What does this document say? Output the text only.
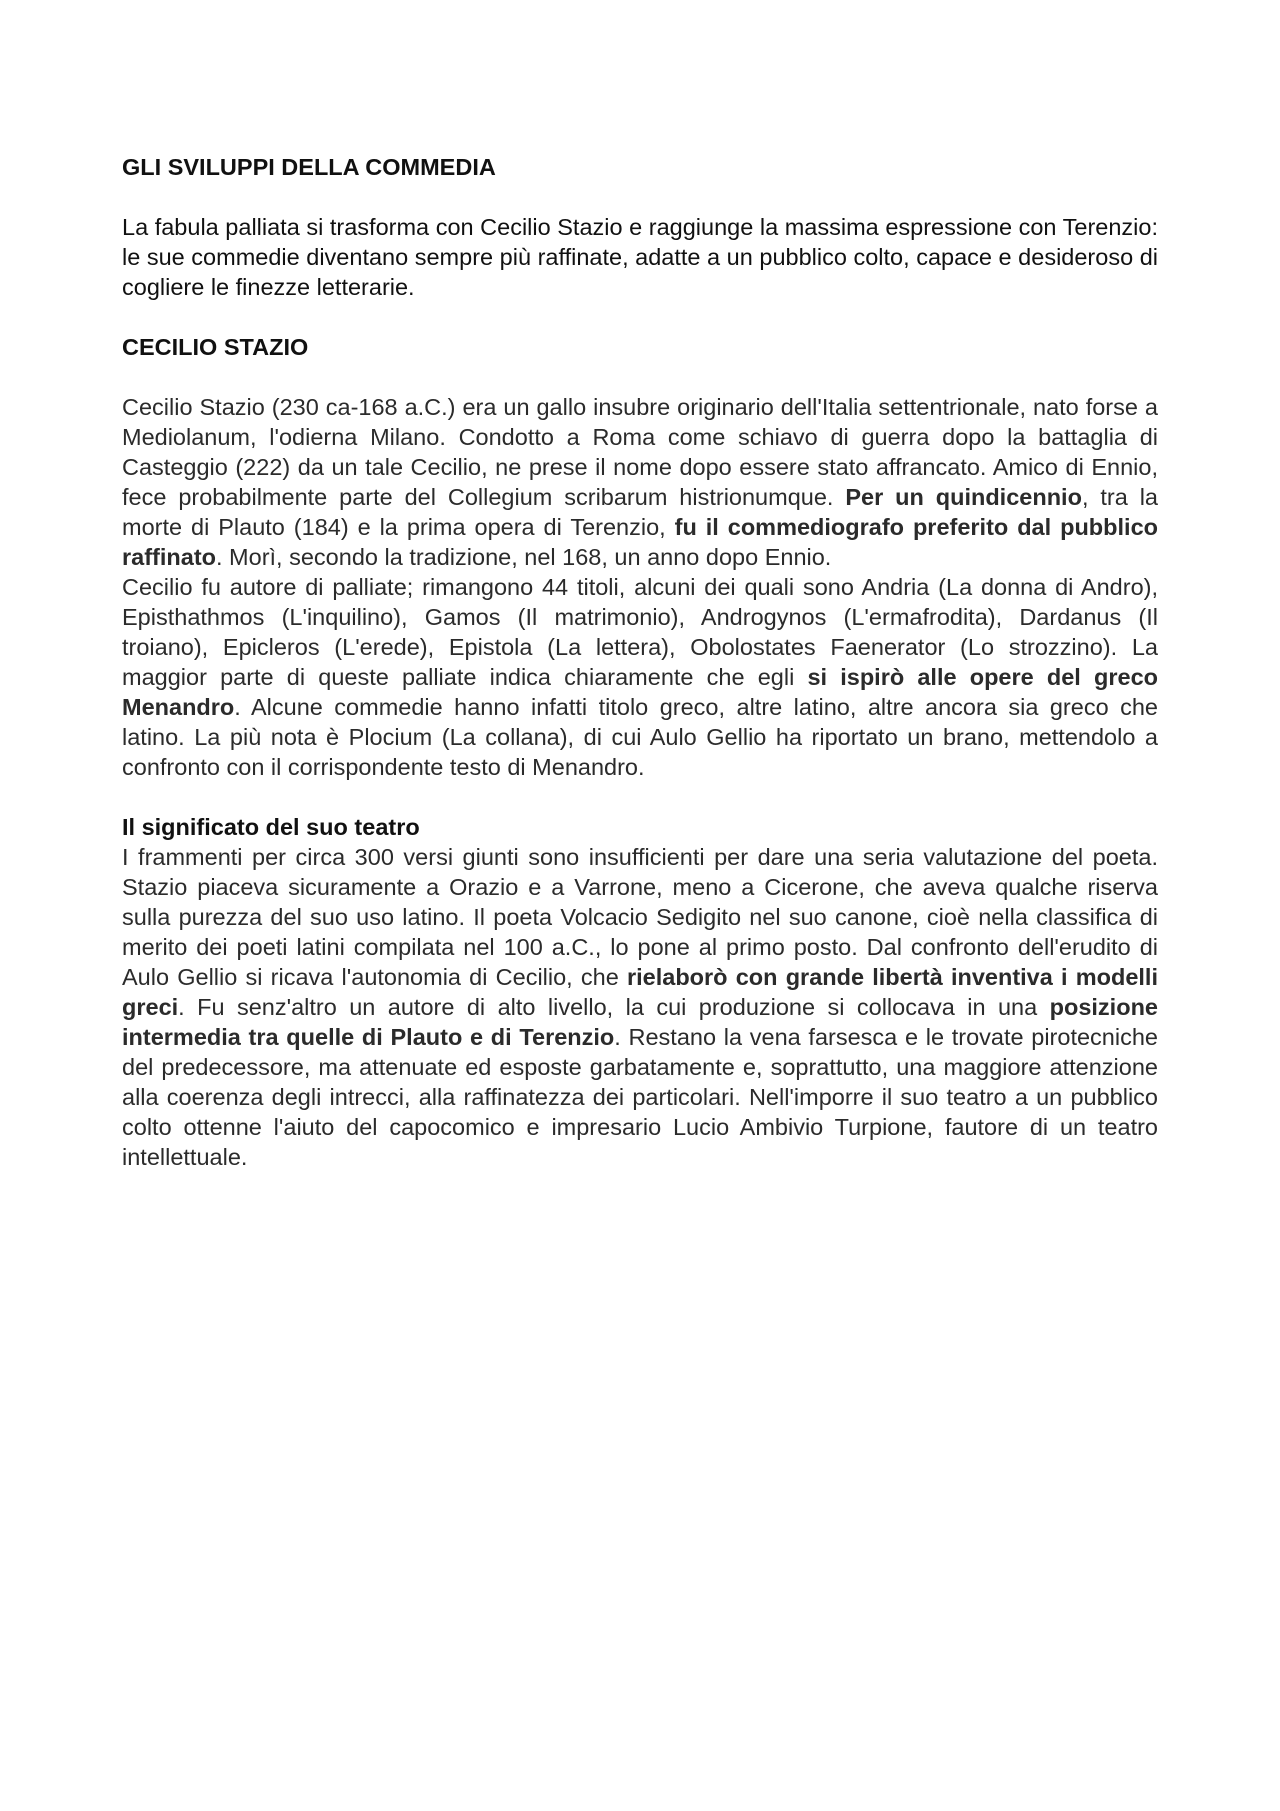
GLI SVILUPPI DELLA COMMEDIA

La fabula palliata si trasforma con Cecilio Stazio e raggiunge la massima espressione con Terenzio: le sue commedie diventano sempre più raffinate, adatte a un pubblico colto, capace e desideroso di cogliere le finezze letterarie.

CECILIO STAZIO

Cecilio Stazio (230 ca-168 a.C.) era un gallo insubre originario dell'Italia settentrionale, nato forse a Mediolanum, l'odierna Milano. Condotto a Roma come schiavo di guerra dopo la battaglia di Casteggio (222) da un tale Cecilio, ne prese il nome dopo essere stato affrancato. Amico di Ennio, fece probabilmente parte del Collegium scribarum histrionumque. Per un quindicennio, tra la morte di Plauto (184) e la prima opera di Terenzio, fu il commediografo preferito dal pubblico raffinato. Morì, secondo la tradizione, nel 168, un anno dopo Ennio.

Cecilio fu autore di palliate; rimangono 44 titoli, alcuni dei quali sono Andria (La donna di Andro), Episthathmos (L'inquilino), Gamos (Il matrimonio), Androgynos (L'ermafrodita), Dardanus (Il troiano), Epicleros (L'erede), Epistola (La lettera), Obolostates Faenerator (Lo strozzino). La maggior parte di queste palliate indica chiaramente che egli si ispirò alle opere del greco Menandro. Alcune commedie hanno infatti titolo greco, altre latino, altre ancora sia greco che latino. La più nota è Plocium (La collana), di cui Aulo Gellio ha riportato un brano, mettendolo a confronto con il corrispondente testo di Menandro.

Il significato del suo teatro

I frammenti per circa 300 versi giunti sono insufficienti per dare una seria valutazione del poeta. Stazio piaceva sicuramente a Orazio e a Varrone, meno a Cicerone, che aveva qualche riserva sulla purezza del suo uso latino. Il poeta Volcacio Sedigito nel suo canone, cioè nella classifica di merito dei poeti latini compilata nel 100 a.C., lo pone al primo posto. Dal confronto dell'erudito di Aulo Gellio si ricava l'autonomia di Cecilio, che rielaborò con grande libertà inventiva i modelli greci. Fu senz'altro un autore di alto livello, la cui produzione si collocava in una posizione intermedia tra quelle di Plauto e di Terenzio. Restano la vena farsesca e le trovate pirotecniche del predecessore, ma attenuate ed esposte garbatamente e, soprattutto, una maggiore attenzione alla coerenza degli intrecci, alla raffinatezza dei particolari. Nell'imporre il suo teatro a un pubblico colto ottenne l'aiuto del capocomico e impresario Lucio Ambivio Turpione, fautore di un teatro intellettuale.
